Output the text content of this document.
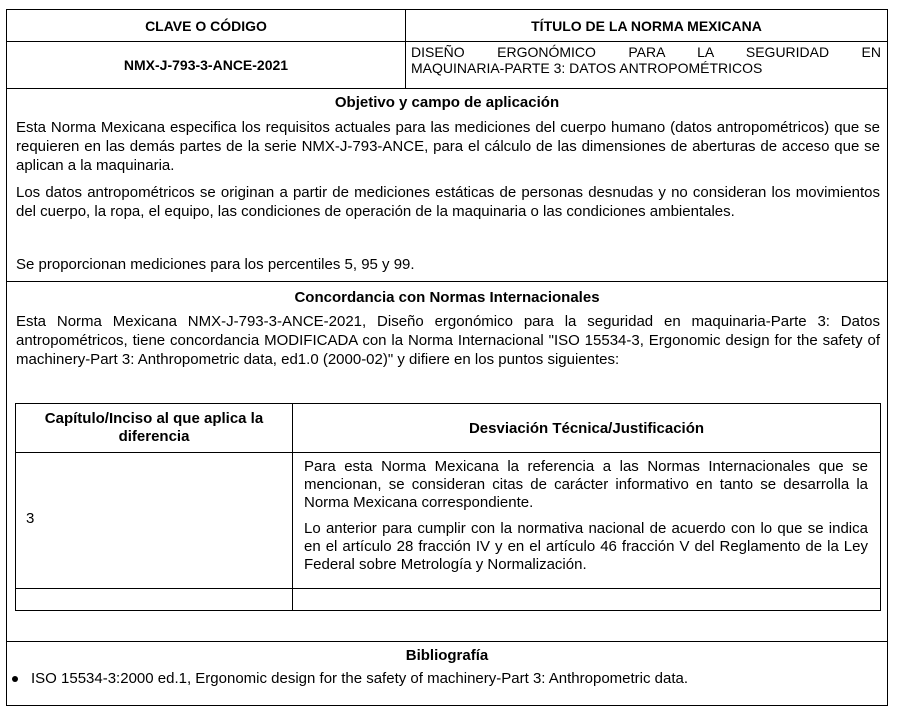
CLAVE O CÓDIGO	TÍTULO DE LA NORMA MEXICANA
NMX-J-793-3-ANCE-2021
DISEÑO ERGONÓMICO PARA LA SEGURIDAD EN
MAQUINARIA-PARTE 3: DATOS ANTROPOMÉTRICOS
Objetivo y campo de aplicación
Esta Norma Mexicana especifica los requisitos actuales para las mediciones del cuerpo humano (datos antropométricos) que se requieren en las demás partes de la serie NMX-J-793-ANCE, para el cálculo de las dimensiones de aberturas de acceso que se aplican a la maquinaria.
Los datos antropométricos se originan a partir de mediciones estáticas de personas desnudas y no consideran los movimientos del cuerpo, la ropa, el equipo, las condiciones de operación de la maquinaria o las condiciones ambientales.
Se proporcionan mediciones para los percentiles 5, 95 y 99.
Concordancia con Normas Internacionales
Esta Norma Mexicana NMX-J-793-3-ANCE-2021, Diseño ergonómico para la seguridad en maquinaria-Parte 3: Datos antropométricos, tiene concordancia MODIFICADA con la Norma Internacional "ISO 15534-3, Ergonomic design for the safety of machinery-Part 3: Anthropometric data, ed1.0 (2000-02)" y difiere en los puntos siguientes:
Capítulo/Inciso al que aplica la diferencia	Desviación Técnica/Justificación
3

Para esta Norma Mexicana la referencia a las Normas Internacionales que se mencionan, se consideran citas de carácter informativo en tanto se desarrolla la Norma Mexicana correspondiente.

Lo anterior para cumplir con la normativa nacional de acuerdo con lo que se indica en el artículo 28 fracción IV y en el artículo 46 fracción V del Reglamento de la Ley Federal sobre Metrología y Normalización.

Bibliografía
ISO 15534-3:2000 ed.1, Ergonomic design for the safety of machinery-Part 3: Anthropometric data.
